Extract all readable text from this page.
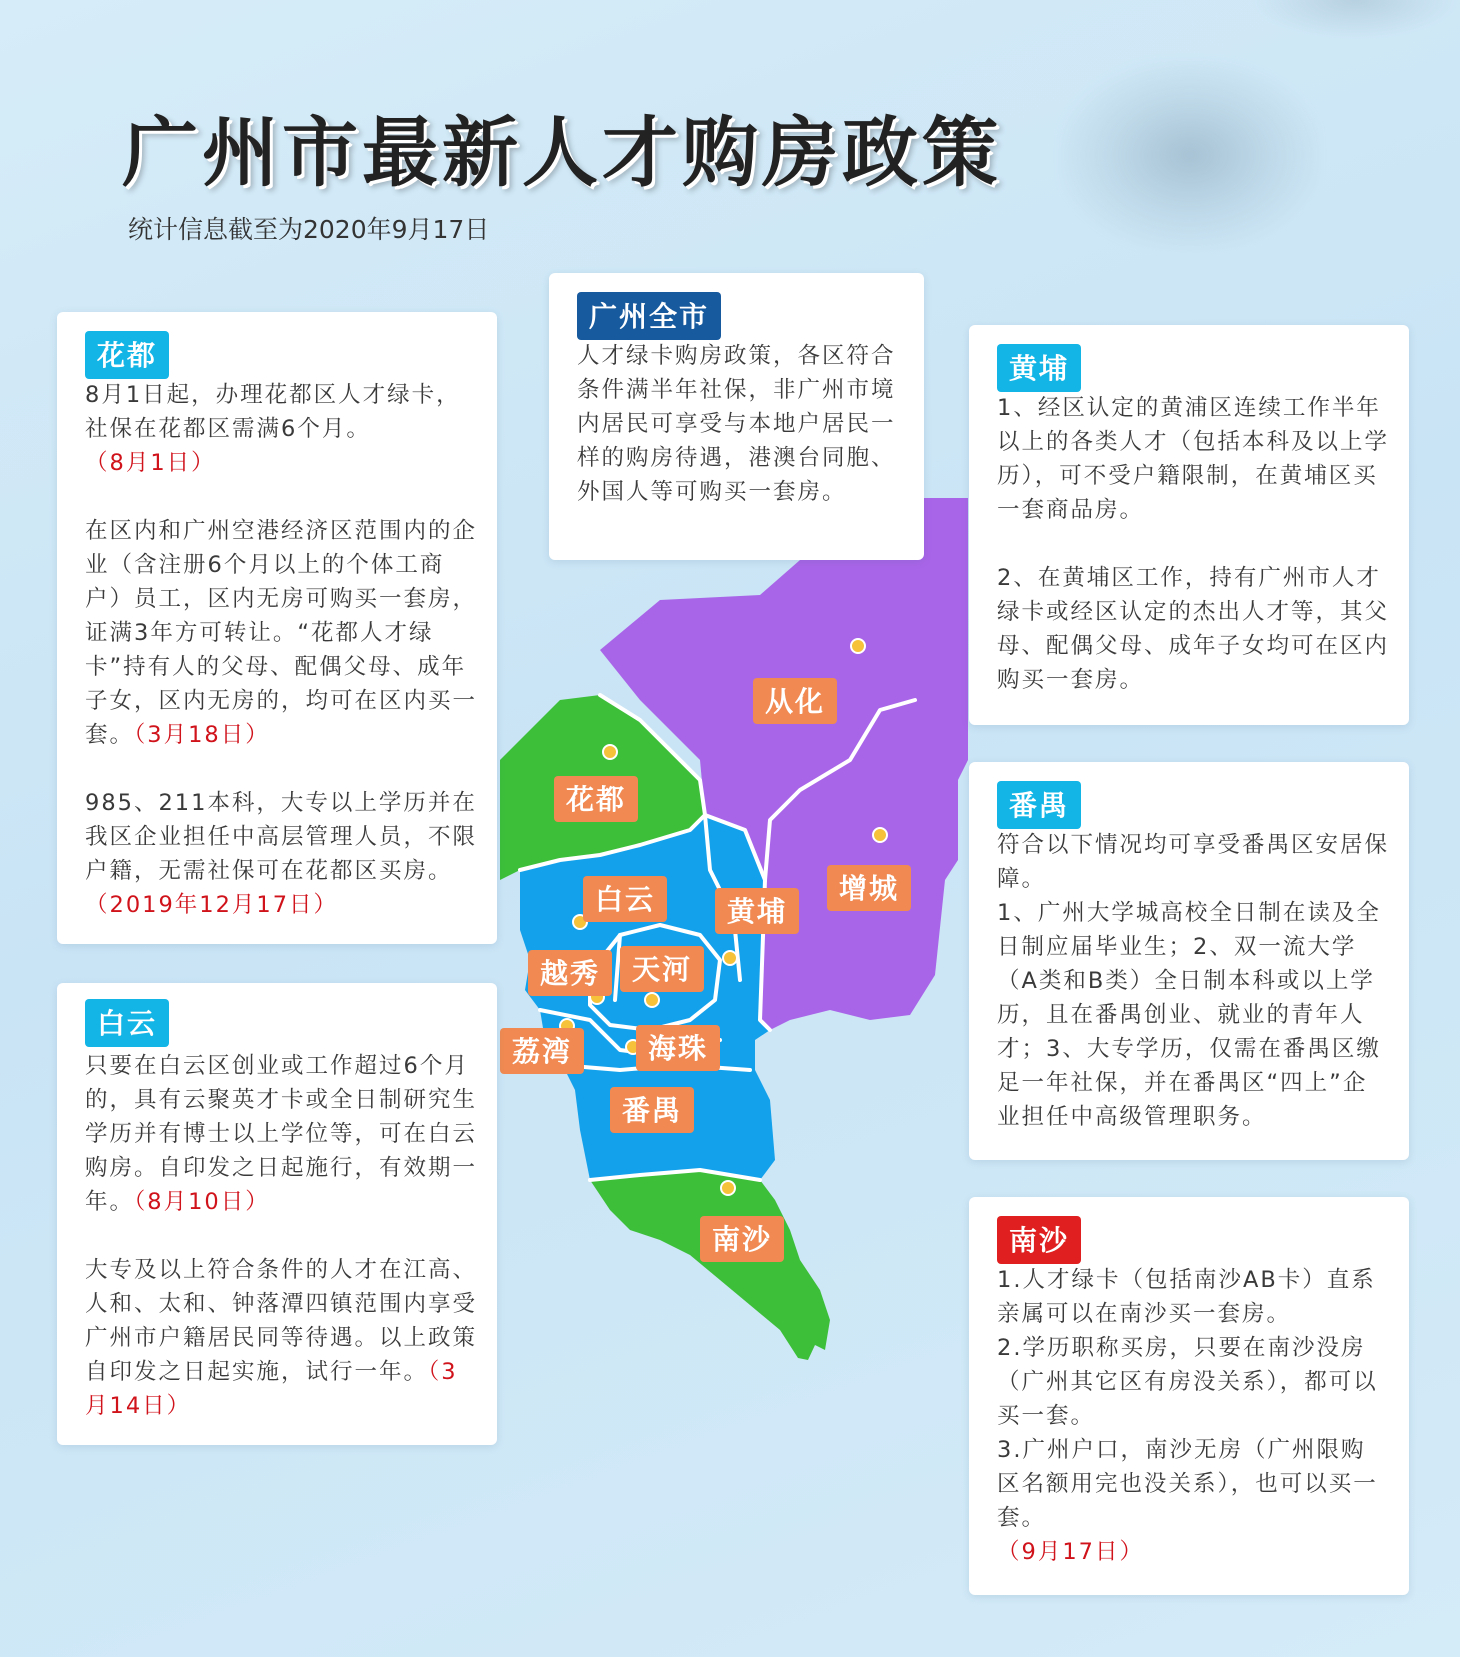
广州市最新人才购房政策
统计信息截至为2020年9月17日
从化
花都
增城
白云	黄埔
天河
越秀
荔湾	海珠
番禺
南沙
花都

8月1日起，办理花都区人才绿卡，社保在花都区需满6个月。
（8月1日）

在区内和广州空港经济区范围内的企业（含注册6个月以上的个体工商户）员工，区内无房可购买一套房，证满3年方可转让。“花都人才绿卡”持有人的父母、配偶父母、成年子女，区内无房的，均可在区内买一套。（3月18日）

985、211本科，大专以上学历并在我区企业担任中高层管理人员，不限户籍，无需社保可在花都区买房。（2019年12月17日）

白云

只要在白云区创业或工作超过6个月的，具有云聚英才卡或全日制研究生学历并有博士以上学位等，可在白云购房。自印发之日起施行，有效期一年。（8月10日）

大专及以上符合条件的人才在江高、人和、太和、钟落潭四镇范围内享受广州市户籍居民同等待遇。以上政策自印发之日起实施，试行一年。（3月14日）

广州全市

人才绿卡购房政策，各区符合条件满半年社保，非广州市境内居民可享受与本地户居民一样的购房待遇，港澳台同胞、外国人等可购买一套房。

黄埔

1、经区认定的黄浦区连续工作半年以上的各类人才（包括本科及以上学历），可不受户籍限制，在黄埔区买一套商品房。

2、在黄埔区工作，持有广州市人才绿卡或经区认定的杰出人才等，其父母、配偶父母、成年子女均可在区内购买一套房。

番禺

符合以下情况均可享受番禺区安居保障。
1、广州大学城高校全日制在读及全日制应届毕业生；2、双一流大学（A类和B类）全日制本科或以上学历，且在番禺创业、就业的青年人才；3、大专学历，仅需在番禺区缴足一年社保，并在番禺区“四上”企业担任中高级管理职务。

南沙

1.人才绿卡（包括南沙AB卡）直系亲属可以在南沙买一套房。
2.学历职称买房，只要在南沙没房（广州其它区有房没关系），都可以买一套。
3.广州户口，南沙无房（广州限购区名额用完也没关系），也可以买一套。
（9月17日）
